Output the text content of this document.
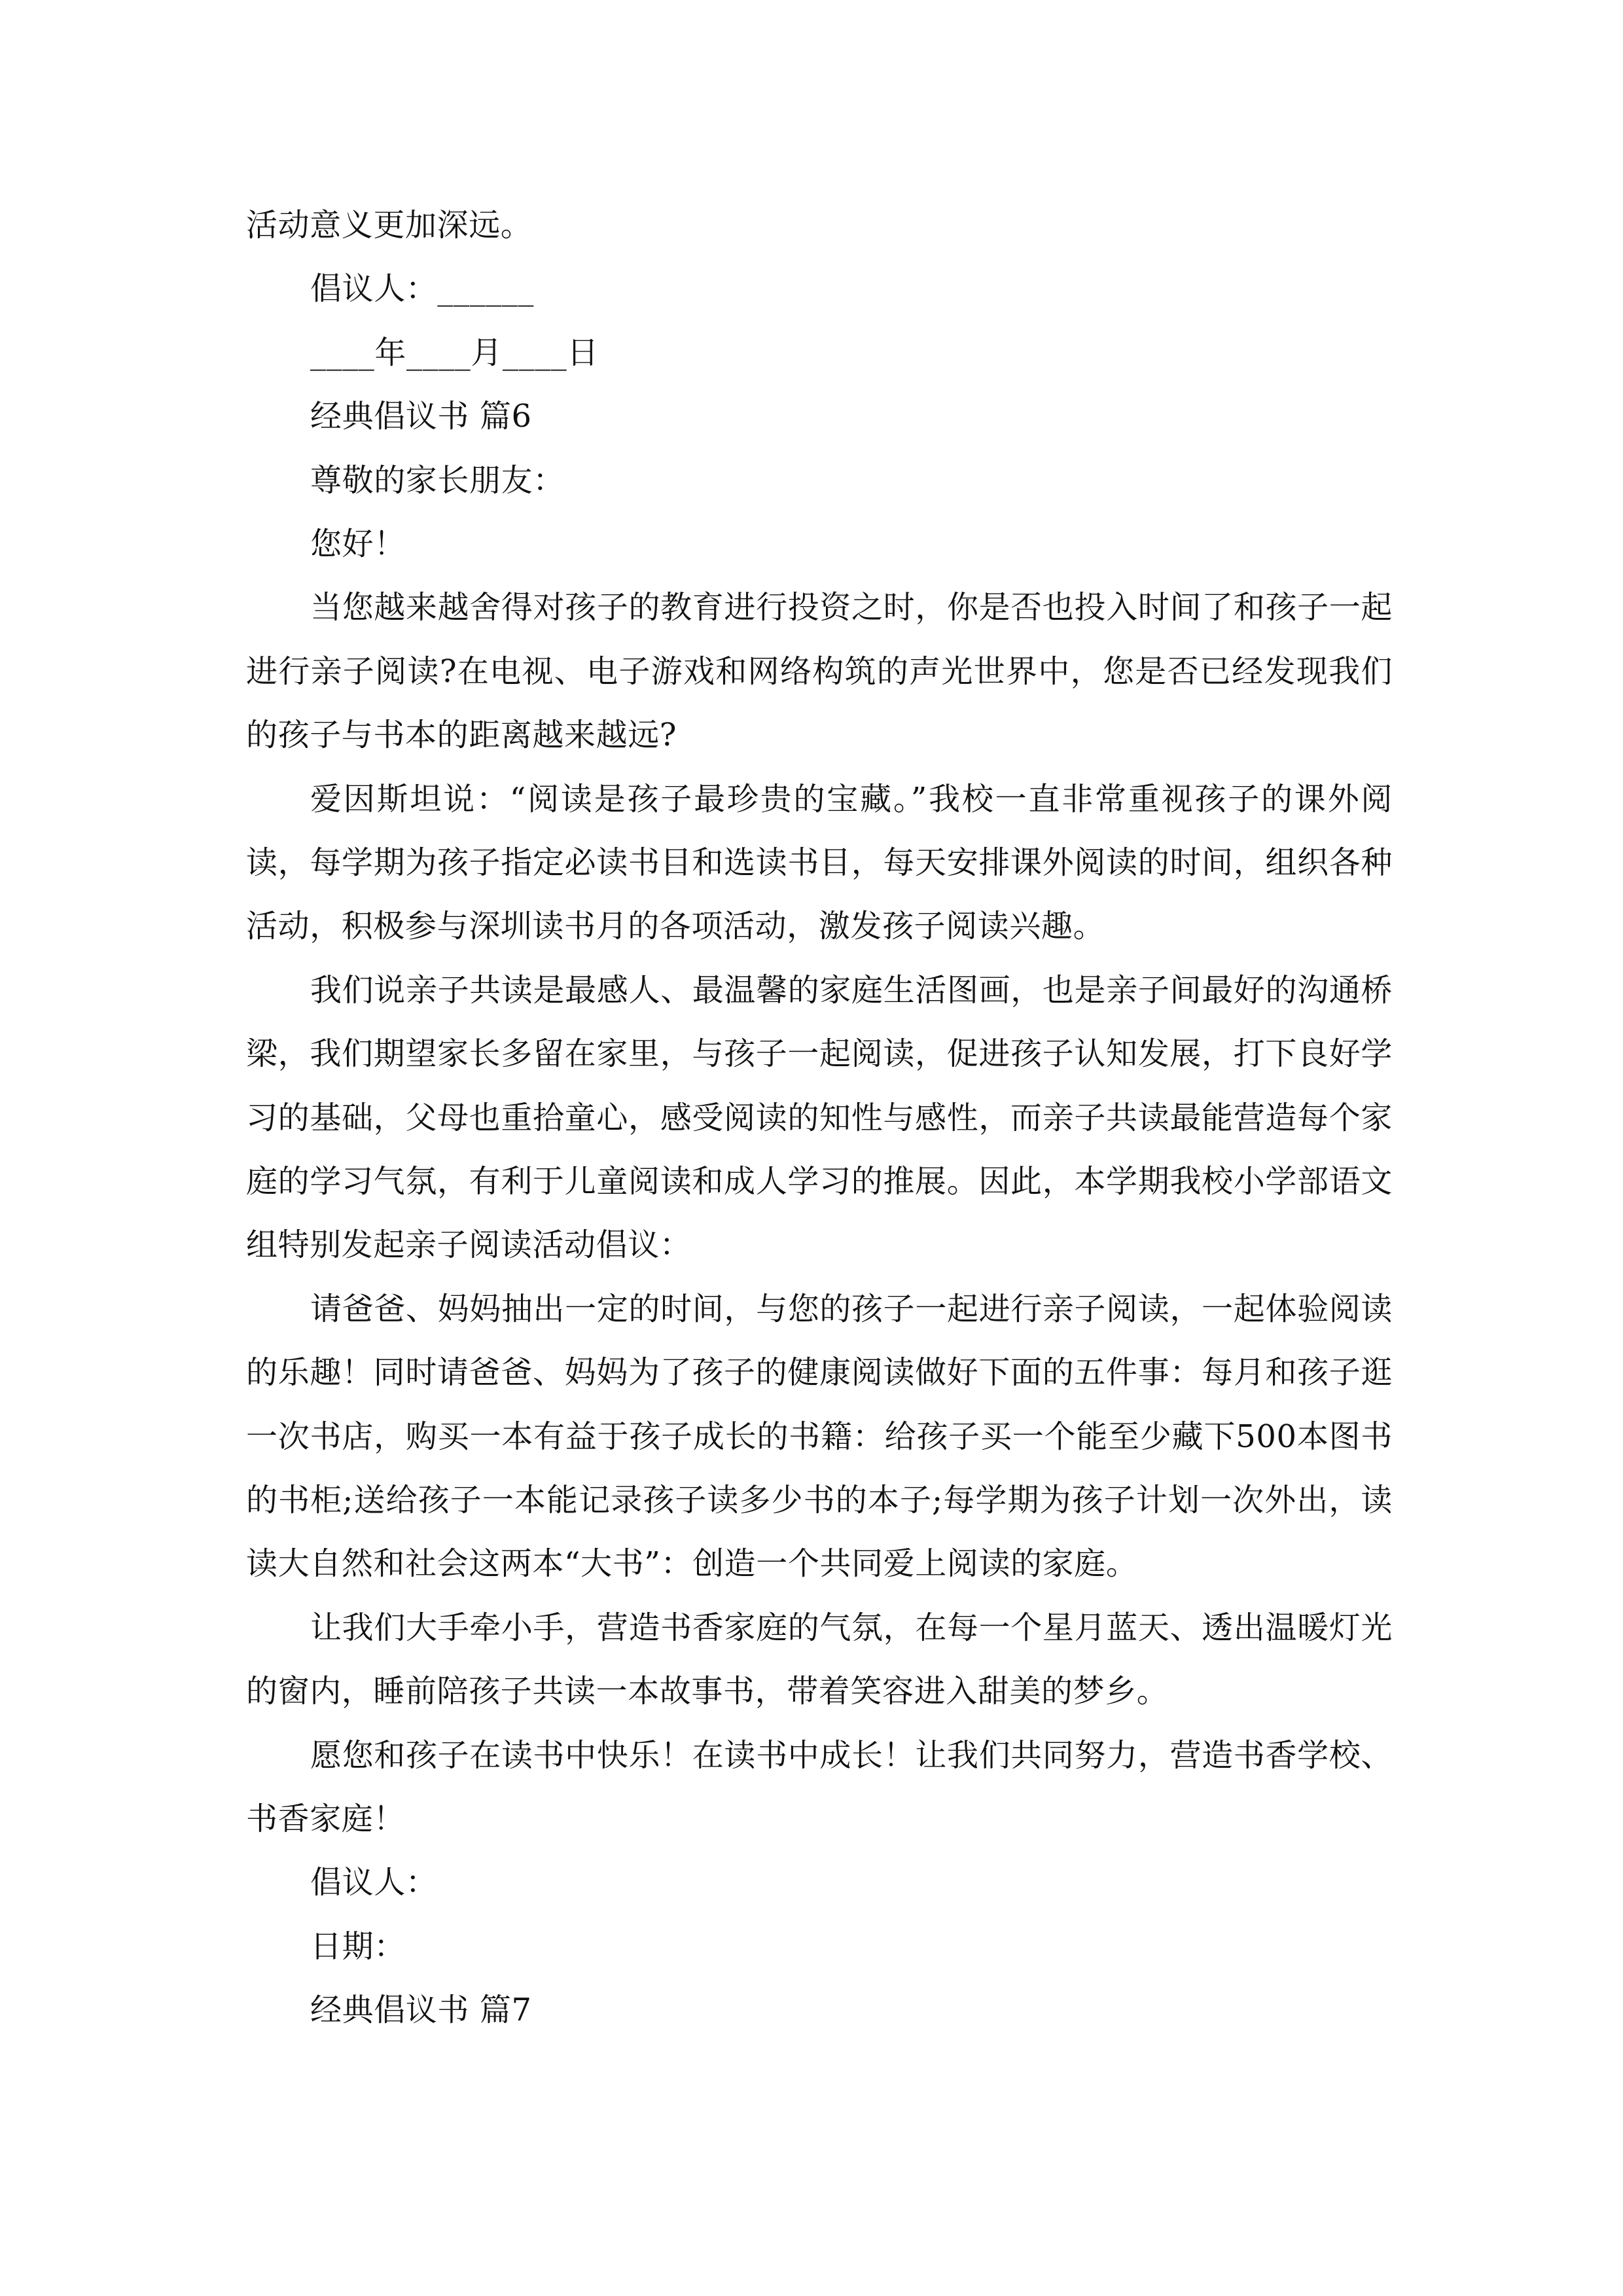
活动意义更加深远。
倡议人：______
____年____月____日
经典倡议书 篇6
尊敬的家长朋友：
您好！
当您越来越舍得对孩子的教育进行投资之时，你是否也投入时间了和孩子一起进行亲子阅读?在电视、电子游戏和网络构筑的声光世界中，您是否已经发现我们的孩子与书本的距离越来越远?
爱因斯坦说：“阅读是孩子最珍贵的宝藏。”我校一直非常重视孩子的课外阅读，每学期为孩子指定必读书目和选读书目，每天安排课外阅读的时间，组织各种活动，积极参与深圳读书月的各项活动，激发孩子阅读兴趣。
我们说亲子共读是最感人、最温馨的家庭生活图画，也是亲子间最好的沟通桥梁，我们期望家长多留在家里，与孩子一起阅读，促进孩子认知发展，打下良好学习的基础，父母也重拾童心，感受阅读的知性与感性，而亲子共读最能营造每个家庭的学习气氛，有利于儿童阅读和成人学习的推展。因此，本学期我校小学部语文组特别发起亲子阅读活动倡议：
请爸爸、妈妈抽出一定的时间，与您的孩子一起进行亲子阅读，一起体验阅读的乐趣！同时请爸爸、妈妈为了孩子的健康阅读做好下面的五件事：每月和孩子逛一次书店，购买一本有益于孩子成长的书籍：给孩子买一个能至少藏下500本图书的书柜;送给孩子一本能记录孩子读多少书的本子;每学期为孩子计划一次外出，读读大自然和社会这两本“大书”：创造一个共同爱上阅读的家庭。
让我们大手牵小手，营造书香家庭的气氛，在每一个星月蓝天、透出温暖灯光的窗内，睡前陪孩子共读一本故事书，带着笑容进入甜美的梦乡。
愿您和孩子在读书中快乐！在读书中成长！让我们共同努力，营造书香学校、书香家庭！
倡议人：
日期：
经典倡议书 篇7
